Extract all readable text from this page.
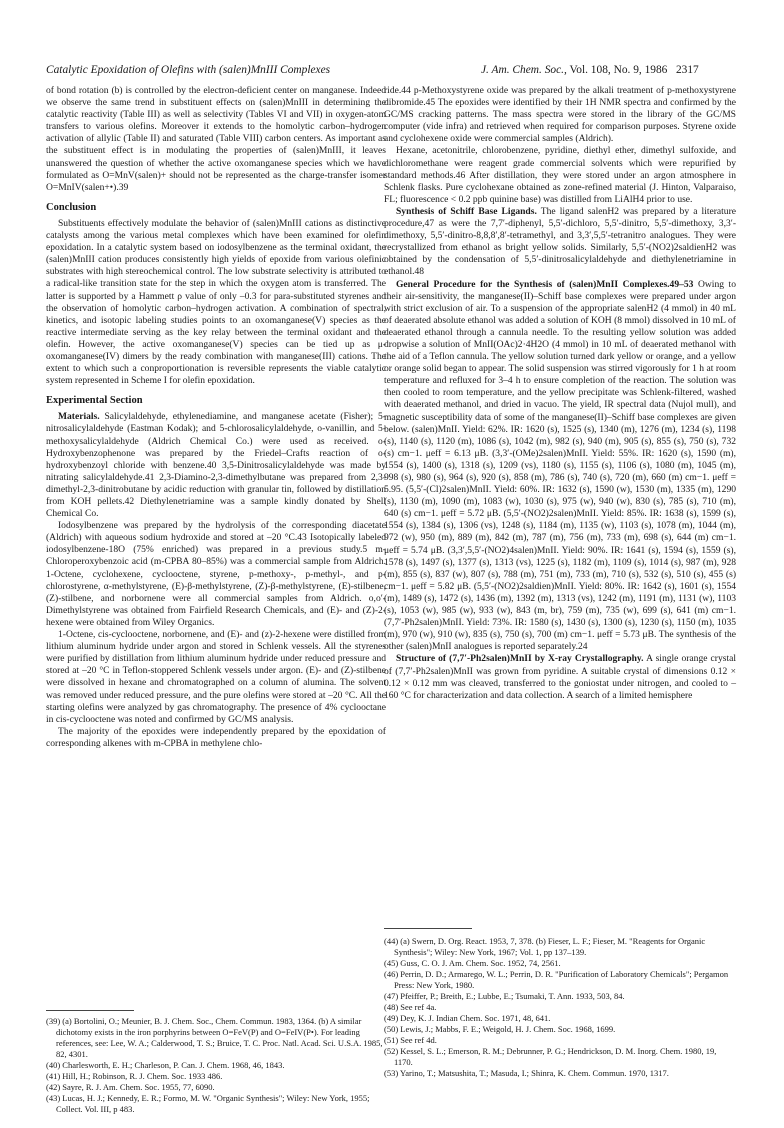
Catalytic Epoxidation of Olefins with (salen)MnIII Complexes	J. Am. Chem. Soc., Vol. 108, No. 9, 1986 2317

of bond rotation (b) is controlled by the electron-deficient center on manganese. Indeed we observe the same trend in substituent effects on (salen)MnIII in determining the catalytic reactivity (Table III) as well as selectivity (Tables VI and VII) in oxygen-atom transfers to various olefins. Moreover it extends to the homolytic carbon–hydrogen activation of allylic (Table II) and saturated (Table VIII) carbon centers. As important as the substituent effect is in modulating the properties of (salen)MnIII, it leaves unanswered the question of whether the active oxomanganese species which we have formulated as O=MnV(salen)+ should not be represented as the charge-transfer isomer O=MnIV(salen+•).39

Conclusion

Substituents effectively modulate the behavior of (salen)MnIII cations as distinctive catalysts among the various metal complexes which have been examined for olefin epoxidation. In a catalytic system based on iodosylbenzene as the terminal oxidant, the (salen)MnIII cation produces consistently high yields of epoxide from various olefinic substrates with high stereochemical control. The low substrate selectivity is attributed to a radical-like transition state for the step in which the oxygen atom is transferred. The latter is supported by a Hammett ρ value of only –0.3 for para-substituted styrenes and the observation of homolytic carbon–hydrogen activation. A combination of spectral, kinetics, and isotopic labeling studies points to an oxomanganese(V) species as the reactive intermediate serving as the key relay between the terminal oxidant and the olefin. However, the active oxomanganese(V) species can be tied up as μ-oxomanganese(IV) dimers by the ready combination with manganese(III) cations. The extent to which such a conproportionation is reversible represents the viable catalytic system represented in Scheme I for olefin epoxidation.

Experimental Section

Materials. Salicylaldehyde, ethylenediamine, and manganese acetate (Fisher); 5-nitrosalicylaldehyde (Eastman Kodak); and 5-chlorosalicylaldehyde, o-vanillin, and 5-methoxysalicylaldehyde (Aldrich Chemical Co.) were used as received. o-Hydroxybenzophenone was prepared by the Friedel–Crafts reaction of o-hydroxybenzoyl chloride with benzene.40 3,5-Dinitrosalicylaldehyde was made by nitrating salicylaldehyde.41 2,3-Diamino-2,3-dimethylbutane was prepared from 2,3-dimethyl-2,3-dinitrobutane by acidic reduction with granular tin, followed by distillation from KOH pellets.42 Diethylenetriamine was a sample kindly donated by Shell Chemical Co.

Iodosylbenzene was prepared by the hydrolysis of the corresponding diacetate (Aldrich) with aqueous sodium hydroxide and stored at –20 °C.43 Isotopically labeled iodosylbenzene-18O (75% enriched) was prepared in a previous study.5 m-Chloroperoxybenzoic acid (m-CPBA 80–85%) was a commercial sample from Aldrich. 1-Octene, cyclohexene, cyclooctene, styrene, p-methoxy-, p-methyl-, and p-chlorostyrene, α-methylstyrene, (E)-β-methylstyrene, (Z)-β-methylstyrene, (E)-stilbene, (Z)-stilbene, and norbornene were all commercial samples from Aldrich. o,o′-Dimethylstyrene was obtained from Fairfield Research Chemicals, and (E)- and (Z)-2-hexene were obtained from Wiley Organics.

1-Octene, cis-cyclooctene, norbornene, and (E)- and (z)-2-hexene were distilled from lithium aluminum hydride under argon and stored in Schlenk vessels. All the styrenes were purified by distillation from lithium aluminum hydride under reduced pressure and stored at –20 °C in Teflon-stoppered Schlenk vessels under argon. (E)- and (Z)-stilbene were dissolved in hexane and chromatographed on a column of alumina. The solvent was removed under reduced pressure, and the pure olefins were stored at –20 °C. All the starting olefins were analyzed by gas chromatography. The presence of 4% cyclooctane in cis-cyclooctene was noted and confirmed by GC/MS analysis.

The majority of the epoxides were independently prepared by the epoxidation of corresponding alkenes with m-CPBA in methylene chlo-

ride.44 p-Methoxystyrene oxide was prepared by the alkali treatment of p-methoxystyrene dibromide.45 The epoxides were identified by their 1H NMR spectra and confirmed by the GC/MS cracking patterns. The mass spectra were stored in the library of the GC/MS computer (vide infra) and retrieved when required for comparison purposes. Styrene oxide and cyclohexene oxide were commercial samples (Aldrich).

Hexane, acetonitrile, chlorobenzene, pyridine, diethyl ether, dimethyl sulfoxide, and dichloromethane were reagent grade commercial solvents which were repurified by standard methods.46 After distillation, they were stored under an argon atmosphere in Schlenk flasks. Pure cyclohexane obtained as zone-refined material (J. Hinton, Valparaiso, FL; fluorescence < 0.2 ppb quinine base) was distilled from LiAlH4 prior to use.

Synthesis of Schiff Base Ligands. The ligand salenH2 was prepared by a literature procedure,47 as were the 7,7′-diphenyl, 5,5′-dichloro, 5,5′-dinitro, 5,5′-dimethoxy, 3,3′-dimethoxy, 5,5′-dinitro-8,8,8′,8′-tetramethyl, and 3,3′,5,5′-tetranitro analogues. They were recrystallized from ethanol as bright yellow solids. Similarly, 5,5′-(NO2)2saldienH2 was obtained by the condensation of 5,5′-dinitrosalicylaldehyde and diethylenetriamine in ethanol.48

General Procedure for the Synthesis of (salen)MnII Complexes.49–53 Owing to their air-sensitivity, the manganese(II)–Schiff base complexes were prepared under argon with strict exclusion of air. To a suspension of the appropriate salenH2 (4 mmol) in 40 mL of deaerated absolute ethanol was added a solution of KOH (8 mmol) dissolved in 10 mL of deaerated ethanol through a cannula needle. To the resulting yellow solution was added dropwise a solution of MnII(OAc)2·4H2O (4 mmol) in 10 mL of deaerated methanol with the aid of a Teflon cannula. The yellow solution turned dark yellow or orange, and a yellow or orange solid began to appear. The solid suspension was stirred vigorously for 1 h at room temperature and refluxed for 3–4 h to ensure completion of the reaction. The solution was then cooled to room temperature, and the yellow precipitate was Schlenk-filtered, washed with deaerated methanol, and dried in vacuo. The yield, IR spectral data (Nujol mull), and magnetic susceptibility data of some of the manganese(II)–Schiff base complexes are given below. (salen)MnII. Yield: 62%. IR: 1620 (s), 1525 (s), 1340 (m), 1276 (m), 1234 (s), 1198 (s), 1140 (s), 1120 (m), 1086 (s), 1042 (m), 982 (s), 940 (m), 905 (s), 855 (s), 750 (s), 732 (s) cm−1. μeff = 6.13 μB. (3,3′-(OMe)2salen)MnII. Yield: 55%. IR: 1620 (s), 1590 (m), 1554 (s), 1400 (s), 1318 (s), 1209 (vs), 1180 (s), 1155 (s), 1106 (s), 1080 (m), 1045 (m), 998 (s), 980 (s), 964 (s), 920 (s), 858 (m), 786 (s), 740 (s), 720 (m), 660 (m) cm−1. μeff = 5.95. (5,5′-(Cl)2salen)MnII. Yield: 60%. IR: 1632 (s), 1590 (w), 1530 (m), 1335 (m), 1290 (s), 1130 (m), 1090 (m), 1083 (w), 1030 (s), 975 (w), 940 (w), 830 (s), 785 (s), 710 (m), 640 (s) cm−1. μeff = 5.72 μB. (5,5′-(NO2)2salen)MnII. Yield: 85%. IR: 1638 (s), 1599 (s), 1554 (s), 1384 (s), 1306 (vs), 1248 (s), 1184 (m), 1135 (w), 1103 (s), 1078 (m), 1044 (m), 972 (w), 950 (m), 889 (m), 842 (m), 787 (m), 756 (m), 733 (m), 698 (s), 644 (m) cm−1. μeff = 5.74 μB. (3,3′,5,5′-(NO2)4salen)MnII. Yield: 90%. IR: 1641 (s), 1594 (s), 1559 (s), 1578 (s), 1497 (s), 1377 (s), 1313 (vs), 1225 (s), 1182 (m), 1109 (s), 1014 (s), 987 (m), 928 (m), 855 (s), 837 (w), 807 (s), 788 (m), 751 (m), 733 (m), 710 (s), 532 (s), 510 (s), 455 (s) cm−1. μeff = 5.82 μB. (5,5′-(NO2)2saldien)MnII. Yield: 80%. IR: 1642 (s), 1601 (s), 1554 (m), 1489 (s), 1472 (s), 1436 (m), 1392 (m), 1313 (vs), 1242 (m), 1191 (m), 1131 (w), 1103 (s), 1053 (w), 985 (w), 933 (w), 843 (m, br), 759 (m), 735 (w), 699 (s), 641 (m) cm−1. (7,7′-Ph2salen)MnII. Yield: 73%. IR: 1580 (s), 1430 (s), 1300 (s), 1230 (s), 1150 (m), 1035 (m), 970 (w), 910 (w), 835 (s), 750 (s), 700 (m) cm−1. μeff = 5.73 μB. The synthesis of the other (salen)MnII analogues is reported separately.24

Structure of (7,7′-Ph2salen)MnII by X-ray Crystallography. A single orange crystal of (7,7′-Ph2salen)MnII was grown from pyridine. A suitable crystal of dimensions 0.12 × 0.12 × 0.12 mm was cleaved, transferred to the goniostat under nitrogen, and cooled to –160 °C for characterization and data collection. A search of a limited hemisphere

(39) (a) Bortolini, O.; Meunier, B. J. Chem. Soc., Chem. Commun. 1983, 1364. (b) A similar dichotomy exists in the iron porphyrins between O=FeV(P) and O=FeIV(P•). For leading references, see: Lee, W. A.; Calderwood, T. S.; Bruice, T. C. Proc. Natl. Acad. Sci. U.S.A. 1985, 82, 4301.
(40) Charlesworth, E. H.; Charleson, P. Can. J. Chem. 1968, 46, 1843.
(41) Hill, H.; Robinson, R. J. Chem. Soc. 1933 486.
(42) Sayre, R. J. Am. Chem. Soc. 1955, 77, 6090.
(43) Lucas, H. J.; Kennedy, E. R.; Formo, M. W. "Organic Synthesis"; Wiley: New York, 1955; Collect. Vol. III, p 483.
(44) (a) Swern, D. Org. React. 1953, 7, 378. (b) Fieser, L. F.; Fieser, M. "Reagents for Organic Synthesis"; Wiley: New York, 1967; Vol. 1, pp 137–139.
(45) Guss, C. O. J. Am. Chem. Soc. 1952, 74, 2561.
(46) Perrin, D. D.; Armarego, W. L.; Perrin, D. R. "Purification of Laboratory Chemicals"; Pergamon Press: New York, 1980.
(47) Pfeiffer, P.; Breith, E.; Lubbe, E.; Tsumaki, T. Ann. 1933, 503, 84.
(48) See ref 4a.
(49) Dey, K. J. Indian Chem. Soc. 1971, 48, 641.
(50) Lewis, J.; Mabbs, F. E.; Weigold, H. J. Chem. Soc. 1968, 1699.
(51) See ref 4d.
(52) Kessel, S. L.; Emerson, R. M.; Debrunner, P. G.; Hendrickson, D. M. Inorg. Chem. 1980, 19, 1170.
(53) Yarino, T.; Matsushita, T.; Masuda, I.; Shinra, K. Chem. Commun. 1970, 1317.
